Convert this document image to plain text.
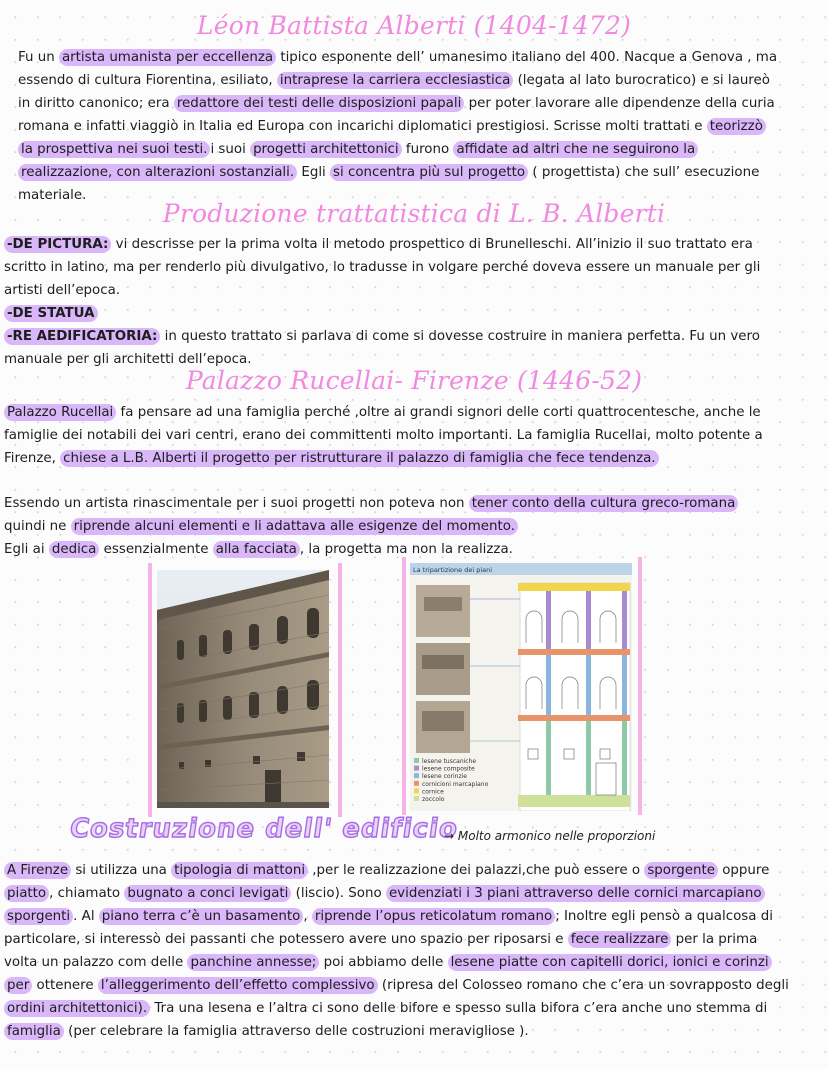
Léon Battista Alberti (1404-1472)
Fu un artista umanista per eccellenza tipico esponente dell’ umanesimo italiano del 400. Nacque a Genova , ma
essendo di cultura Fiorentina, esiliato, intraprese la carriera ecclesiastica (legata al lato burocratico) e si laureò
in diritto canonico; era redattore dei testi delle disposizioni papali per poter lavorare alle dipendenze della curia
romana e infatti viaggiò in Italia ed Europa con incarichi diplomatici prestigiosi. Scrisse molti trattati e teorizzò
la prospettiva nei suoi testi. i suoi progetti architettonici furono affidate ad altri che ne seguirono la
realizzazione, con alterazioni sostanziali. Egli si concentra più sul progetto ( progettista) che sull’ esecuzione
materiale.
Produzione trattatistica di L. B. Alberti
-DE PICTURA: vi descrisse per la prima volta il metodo prospettico di Brunelleschi. All’inizio il suo trattato era
scritto in latino, ma per renderlo più divulgativo, lo tradusse in volgare perché doveva essere un manuale per gli
artisti dell’epoca.
-DE STATUA
-RE AEDIFICATORIA: in questo trattato si parlava di come si dovesse costruire in maniera perfetta. Fu un vero
manuale per gli architetti dell’epoca.
Palazzo Rucellai- Firenze (1446-52)
Palazzo Rucellai fa pensare ad una famiglia perché ,oltre ai grandi signori delle corti quattrocentesche, anche le
famiglie dei notabili dei vari centri, erano dei committenti molto importanti. La famiglia Rucellai, molto potente a
Firenze, chiese a L.B. Alberti il progetto per ristrutturare il palazzo di famiglia che fece tendenza.
Essendo un artista rinascimentale per i suoi progetti non poteva non tener conto della cultura greco-romana
quindi ne riprende alcuni elementi e li adattava alle esigenze del momento.
Egli ai dedica essenzialmente alla facciata , la progetta ma non la realizza.
La tripartizione dei piani
lesene tuscaniche
lesene composite
lesene corinzie
cornicioni marcapiano
cornice
zoccolo
Costruzione dell' edificio
→ Molto armonico nelle proporzioni
A Firenze si utilizza una tipologia di mattoni ,per le realizzazione dei palazzi,che può essere o sporgente oppure
piatto , chiamato bugnato a conci levigati (liscio). Sono evidenziati i 3 piani attraverso delle cornici marcapiano
sporgenti . Al piano terra c’è un basamento , riprende l’opus reticolatum romano ; Inoltre egli pensò a qualcosa di
particolare, si interessò dei passanti che potessero avere uno spazio per riposarsi e fece realizzare per la prima
volta un palazzo com delle panchine annesse; poi abbiamo delle lesene piatte con capitelli dorici, ionici e corinzi
per ottenere l’alleggerimento dell’effetto complessivo (ripresa del Colosseo romano che c’era un sovrapposto degli
ordini architettonici). Tra una lesena e l’altra ci sono delle bifore e spesso sulla bifora c’era anche uno stemma di
famiglia (per celebrare la famiglia attraverso delle costruzioni meravigliose ).
